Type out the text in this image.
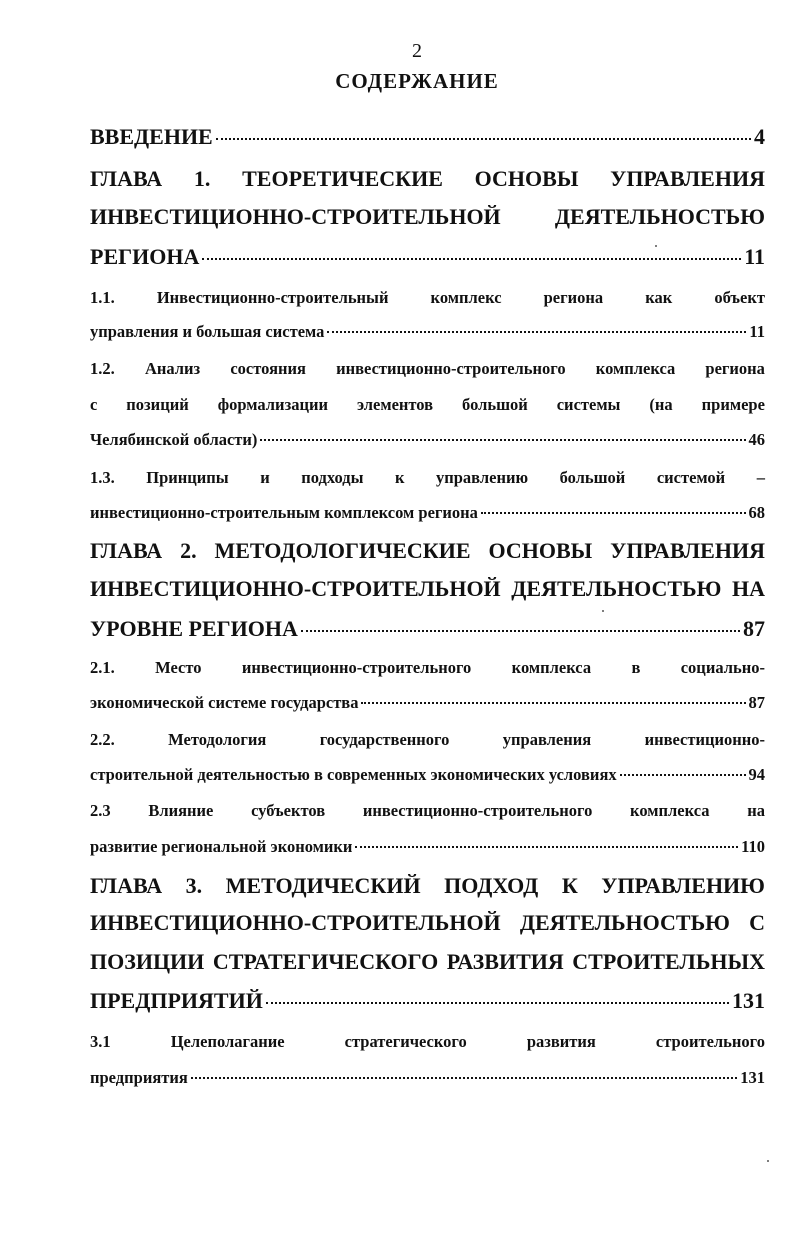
2
СОДЕРЖАНИЕ
ВВЕДЕНИЕ	4
ГЛАВА 1. ТЕОРЕТИЧЕСКИЕ ОСНОВЫ УПРАВЛЕНИЯ
ИНВЕСТИЦИОННО-СТРОИТЕЛЬНОЙ ДЕЯТЕЛЬНОСТЬЮ
РЕГИОНА	11
1.1.	Инвестиционно-строительный	комплекс	региона	как	объект
управления и большая система	11
1.2. Анализ состояния инвестиционно-строительного комплекса региона
с позиций формализации элементов большой системы (на примере
Челябинской области)	46
1.3. Принципы и подходы к управлению большой системой –
инвестиционно-строительным комплексом региона	68
ГЛАВА 2. МЕТОДОЛОГИЧЕСКИЕ ОСНОВЫ УПРАВЛЕНИЯ
ИНВЕСТИЦИОННО-СТРОИТЕЛЬНОЙ ДЕЯТЕЛЬНОСТЬЮ НА
УРОВНЕ РЕГИОНА	87
2.1. Место инвестиционно-строительного комплекса в социально-
экономической системе государства	87
2.2.	Методология	государственного	управления	инвестиционно-
строительной деятельностью в современных экономических условиях	94
2.3 Влияние субъектов инвестиционно-строительного комплекса на
развитие региональной экономики	110
ГЛАВА 3. МЕТОДИЧЕСКИЙ ПОДХОД К УПРАВЛЕНИЮ
ИНВЕСТИЦИОННО-СТРОИТЕЛЬНОЙ ДЕЯТЕЛЬНОСТЬЮ С
ПОЗИЦИИ СТРАТЕГИЧЕСКОГО РАЗВИТИЯ СТРОИТЕЛЬНЫХ
ПРЕДПРИЯТИЙ	131
3.1	Целеполагание	стратегического	развития	строительного
предприятия	131
